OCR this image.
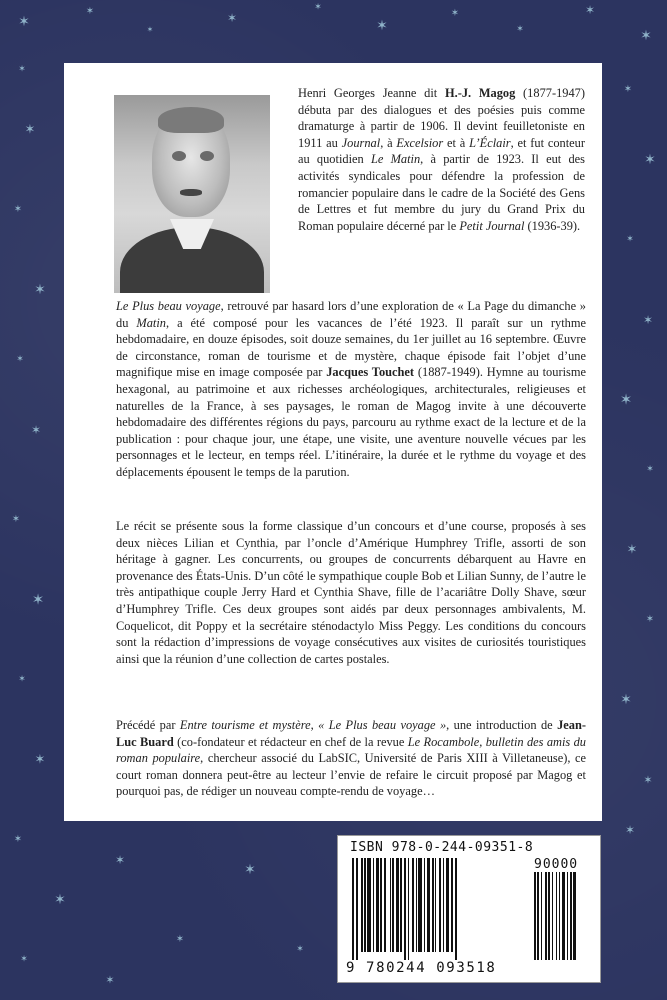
✶
✶
✶
✶
✶
✶
✶
✶
✶
✶
✶
✶
✶
✶
✶
✶
✶
✶
✶
✶
✶
✶
✶
✶
✶
✶
✶
✶
✶
✶
✶
✶
✶
✶
✶
✶
✶
✶
✶
Henri Georges Jeanne dit H.-J. Magog (1877-1947) débuta par des dialogues et des poésies puis comme dramaturge à partir de 1906. Il devint feuilletoniste en 1911 au Journal, à Excelsior et à L’Éclair, et fut conteur au quotidien Le Matin, à partir de 1923. Il eut des activités syndicales pour défendre la profession de romancier populaire dans le cadre de la Société des Gens de Lettres et fut membre du jury du Grand Prix du Roman populaire décerné par le Petit Journal (1936-39).
Le Plus beau voyage, retrouvé par hasard lors d’une exploration de « La Page du dimanche » du Matin, a été composé pour les vacances de l’été 1923. Il paraît sur un rythme hebdomadaire, en douze épisodes, soit douze semaines, du 1er juillet au 16 septembre. Œuvre de circonstance, roman de tourisme et de mystère, chaque épisode fait l’objet d’une magnifique mise en image composée par Jacques Touchet (1887-1949). Hymne au tourisme hexagonal, au patrimoine et aux richesses archéologiques, architecturales, religieuses et naturelles de la France, à ses paysages, le roman de Magog invite à une découverte hebdomadaire des différentes régions du pays, parcouru au rythme exact de la lecture et de la publication : pour chaque jour, une étape, une visite, une aventure nouvelle vécues par les personnages et le lecteur, en temps réel. L’itinéraire, la durée et le rythme du voyage et des déplacements épousent le temps de la parution.
Le récit se présente sous la forme classique d’un concours et d’une course, proposés à ses deux nièces Lilian et Cynthia, par l’oncle d’Amérique Humphrey Trifle, assorti de son héritage à gagner. Les concurrents, ou groupes de concurrents débarquent au Havre en provenance des États-Unis. D’un côté le sympathique couple Bob et Lilian Sunny, de l’autre le très antipathique couple Jerry Hard et Cynthia Shave, fille de l’acariâtre Dolly Shave, sœur d’Humphrey Trifle. Ces deux groupes sont aidés par deux personnages ambivalents, M. Coquelicot, dit Poppy et la secrétaire sténodactylo Miss Peggy. Les conditions du concours sont la rédaction d’impressions de voyage consécutives aux visites de curiosités touristiques ainsi que la réunion d’une collection de cartes postales.
Précédé par Entre tourisme et mystère, « Le Plus beau voyage », une introduction de Jean-Luc Buard (co-fondateur et rédacteur en chef de la revue Le Rocambole, bulletin des amis du roman populaire, chercheur associé du LabSIC, Université de Paris XIII à Villetaneuse), ce court roman donnera peut-être au lecteur l’envie de refaire le circuit proposé par Magog et pourquoi pas, de rédiger un nouveau compte-rendu de voyage…
ISBN 978-0-244-09351-8
90000
9 780244 093518
